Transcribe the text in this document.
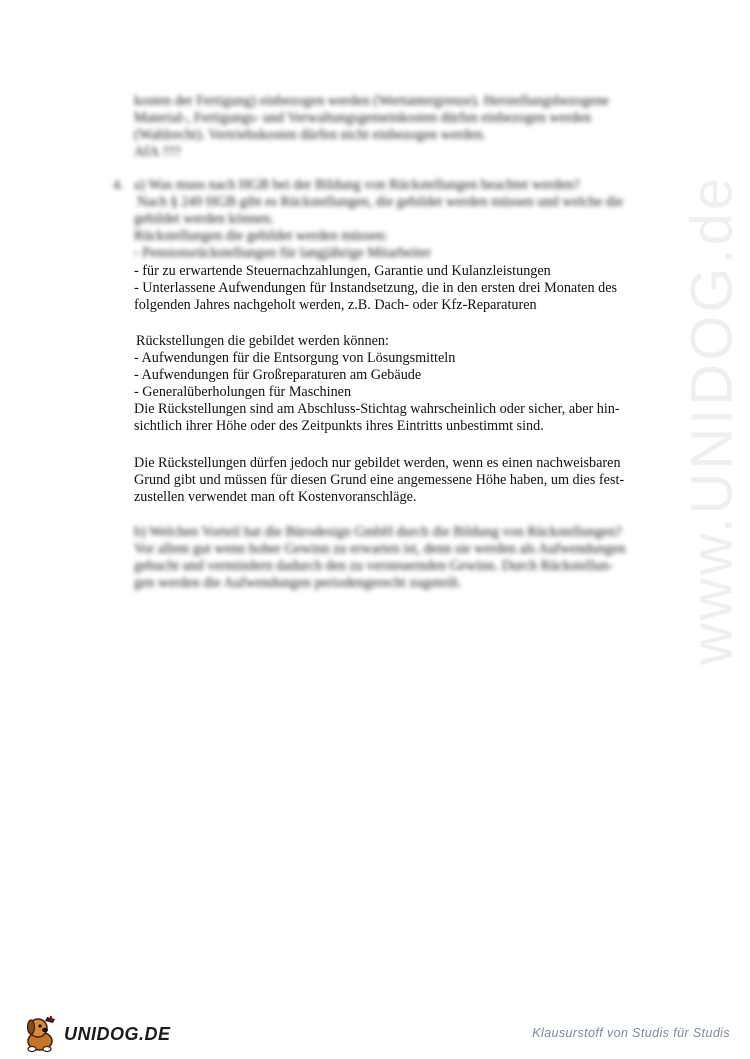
www.UNIDOG.de
kosten der Fertigung) einbezogen werden (Wertuntergrenze). Herstellungsbezogene
Material-, Fertigungs- und Verwaltungsgemeinkosten dürfen einbezogen werden
(Wahlrecht). Vertriebskosten dürfen nicht einbezogen werden.
AfA ???
4. a) Was muss nach HGB bei der Bildung von Rückstellungen beachtet werden?
Nach § 249 HGB gibt es Rückstellungen, die gebildet werden müssen und welche die
gebildet werden können.
Rückstellungen die gebildet werden müssen:
- Pensionsrückstellungen für langjährige Mitarbeiter
- für zu erwartende Steuernachzahlungen, Garantie und Kulanzleistungen
- Unterlassene Aufwendungen für Instandsetzung, die in den ersten drei Monaten des
folgenden Jahres nachgeholt werden, z.B. Dach- oder Kfz-Reparaturen
Rückstellungen die gebildet werden können:
- Aufwendungen für die Entsorgung von Lösungsmitteln
- Aufwendungen für Großreparaturen am Gebäude
- Generalüberholungen für Maschinen
Die Rückstellungen sind am Abschluss-Stichtag wahrscheinlich oder sicher, aber hin-
sichtlich ihrer Höhe oder des Zeitpunkts ihres Eintritts unbestimmt sind.
Die Rückstellungen dürfen jedoch nur gebildet werden, wenn es einen nachweisbaren
Grund gibt und müssen für diesen Grund eine angemessene Höhe haben, um dies fest-
zustellen verwendet man oft Kostenvoranschläge.
b) Welchen Vorteil hat die Bürodesign GmbH durch die Bildung von Rückstellungen?
Vor allem gut wenn hoher Gewinn zu erwarten ist, denn sie werden als Aufwendungen
gebucht und vermindern dadurch den zu versteuernden Gewinn. Durch Rückstellun-
gen werden die Aufwendungen periodengerecht zugeteilt.
UNIDOG.DE	Klausurstoff von Studis für Studis
